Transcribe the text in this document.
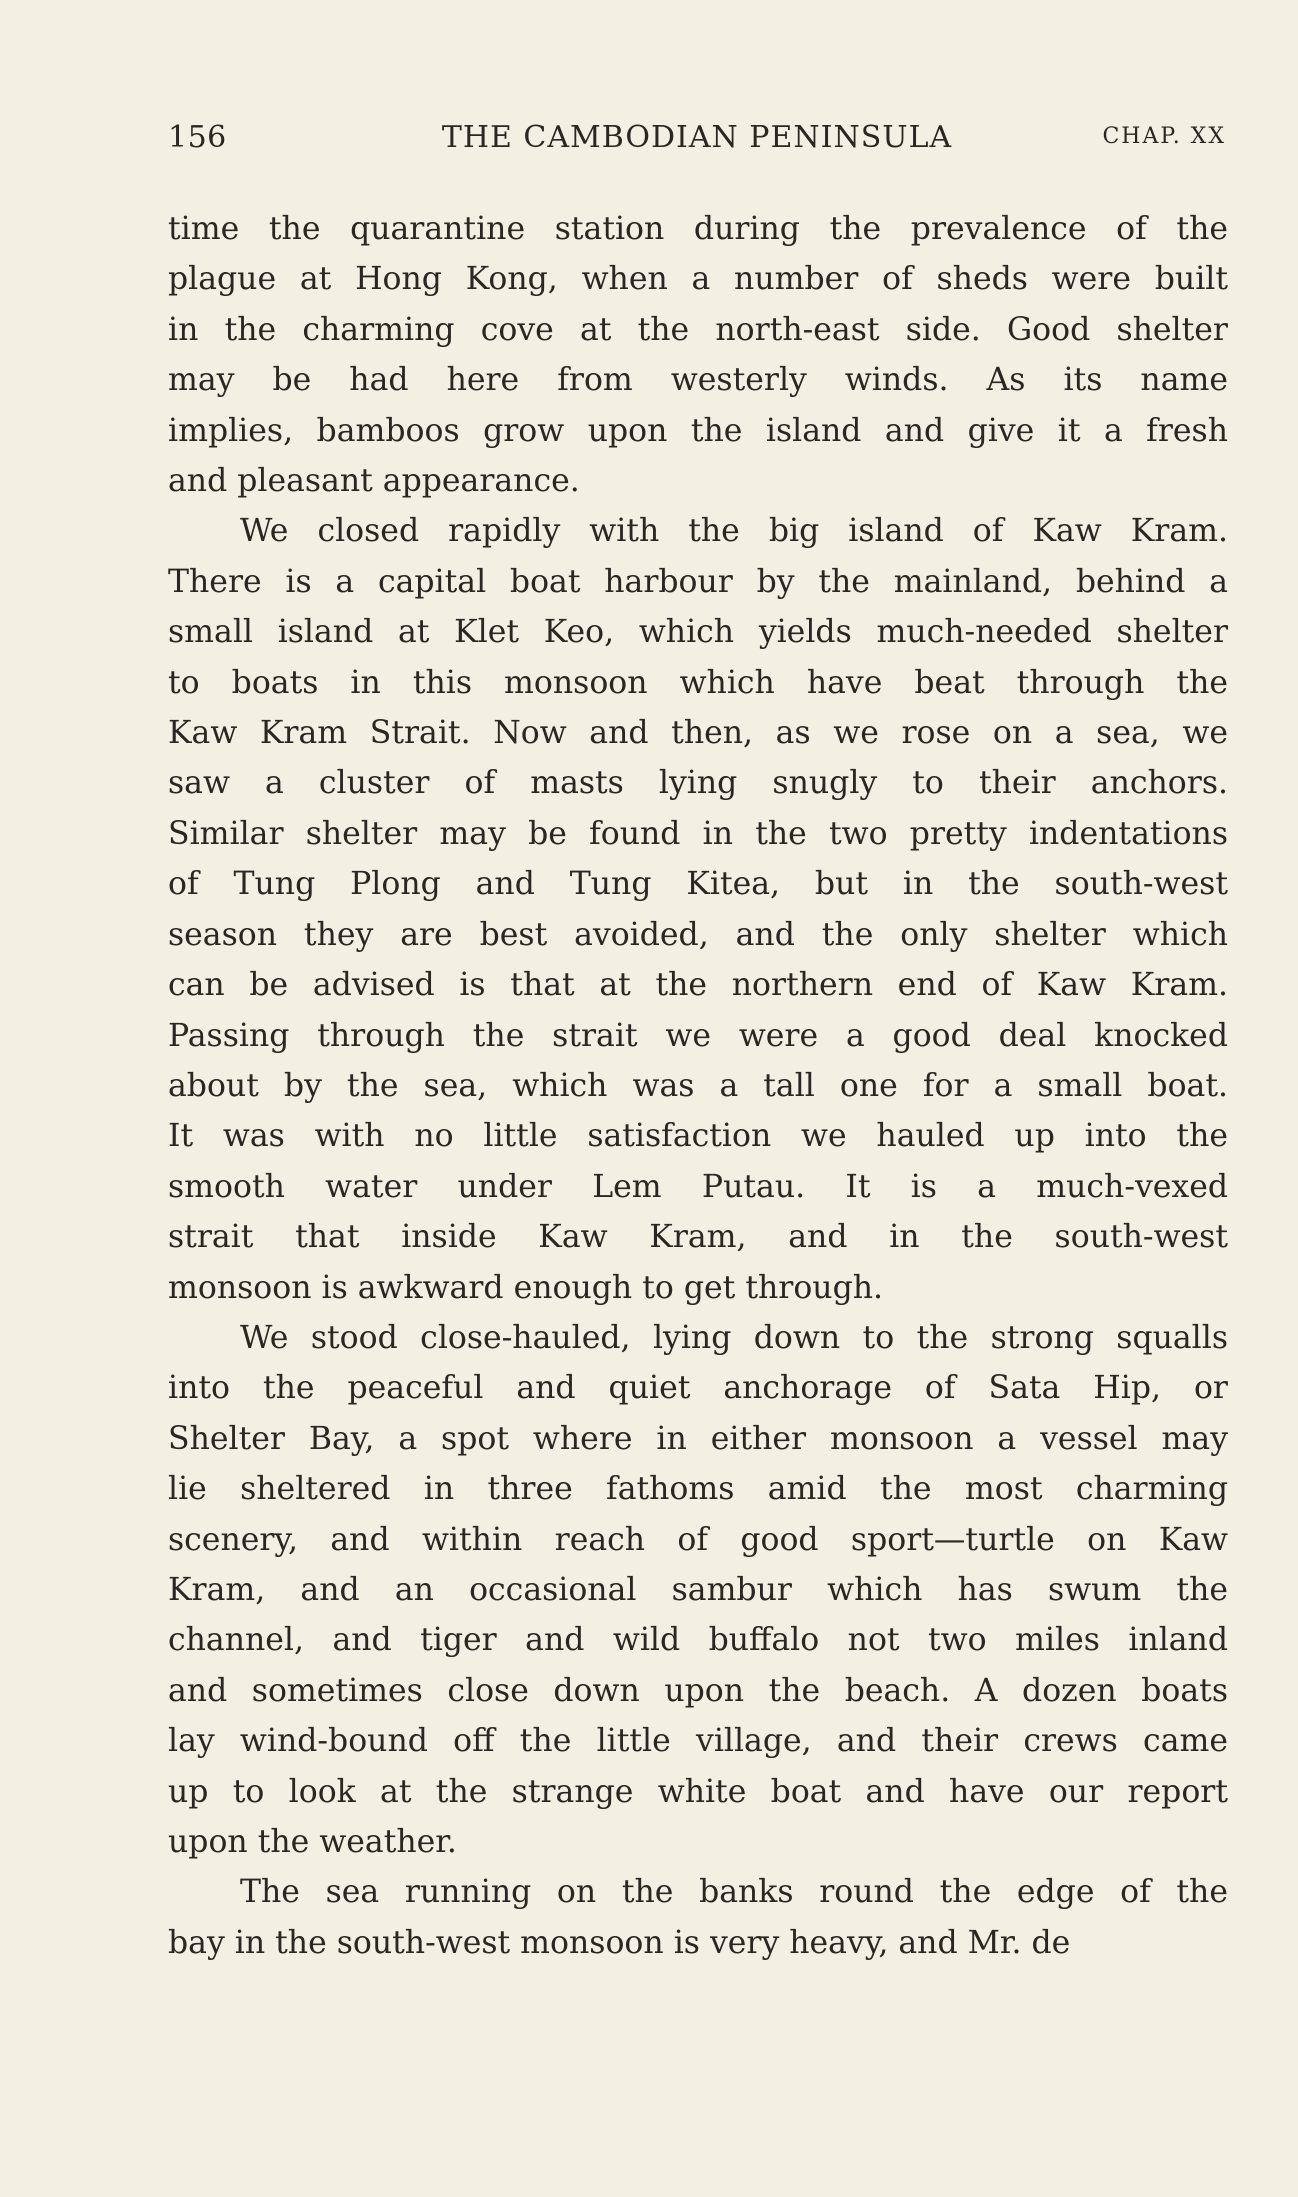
156	THE CAMBODIAN PENINSULA	CHAP. XX

time the quarantine station during the prevalence of the
plague at Hong Kong, when a number of sheds were built
in the charming cove at the north-east side. Good shelter
may be had here from westerly winds. As its name
implies, bamboos grow upon the island and give it a fresh
and pleasant appearance.

We closed rapidly with the big island of Kaw Kram.
There is a capital boat harbour by the mainland, behind a
small island at Klet Keo, which yields much-needed shelter
to boats in this monsoon which have beat through the
Kaw Kram Strait. Now and then, as we rose on a sea, we
saw a cluster of masts lying snugly to their anchors.
Similar shelter may be found in the two pretty indentations
of Tung Plong and Tung Kitea, but in the south-west
season they are best avoided, and the only shelter which
can be advised is that at the northern end of Kaw Kram.
Passing through the strait we were a good deal knocked
about by the sea, which was a tall one for a small boat.
It was with no little satisfaction we hauled up into the
smooth water under Lem Putau. It is a much-vexed
strait that inside Kaw Kram, and in the south-west
monsoon is awkward enough to get through.

We stood close-hauled, lying down to the strong squalls
into the peaceful and quiet anchorage of Sata Hip, or
Shelter Bay, a spot where in either monsoon a vessel may
lie sheltered in three fathoms amid the most charming
scenery, and within reach of good sport—turtle on Kaw
Kram, and an occasional sambur which has swum the
channel, and tiger and wild buffalo not two miles inland
and sometimes close down upon the beach. A dozen boats
lay wind-bound off the little village, and their crews came
up to look at the strange white boat and have our report
upon the weather.

The sea running on the banks round the edge of the
bay in the south-west monsoon is very heavy, and Mr. de
